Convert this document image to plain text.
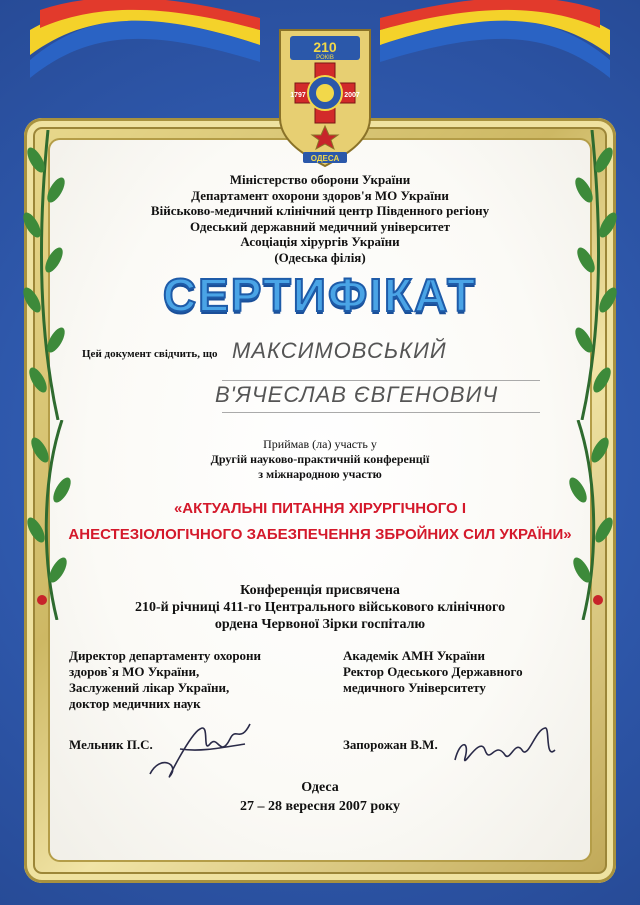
210
РОКІВ
1797	2007
ОДЕСА
Міністерство оборони України
Департамент охорони здоров'я МО України
Військово-медичний клінічний центр Південного регіону
Одеський державний медичний університет
Асоціація хірургів України
(Одеська філія)
СЕРТИФІКАТ
Цей документ свідчить, що МАКСИМОВСЬКИЙ
В'ЯЧЕСЛАВ ЄВГЕНОВИЧ
Приймав (ла) участь у
Другій науково-практичній конференції
з міжнародною участю
«АКТУАЛЬНІ ПИТАННЯ ХІРУРГІЧНОГО І
АНЕСТЕЗІОЛОГІЧНОГО ЗАБЕЗПЕЧЕННЯ ЗБРОЙНИХ СИЛ УКРАЇНИ»
Конференція присвячена
210-й річниці 411-го Центрального військового клінічного
ордена Червоної Зірки госпіталю
Директор департаменту охорони
здоров`я МО України,
Заслужений лікар України,
доктор медичних наук
Академік АМН України
Ректор Одеського Державного
медичного Університету
Мельник П.С.	Запорожан В.М.
Одеса
27 – 28 вересня 2007 року
